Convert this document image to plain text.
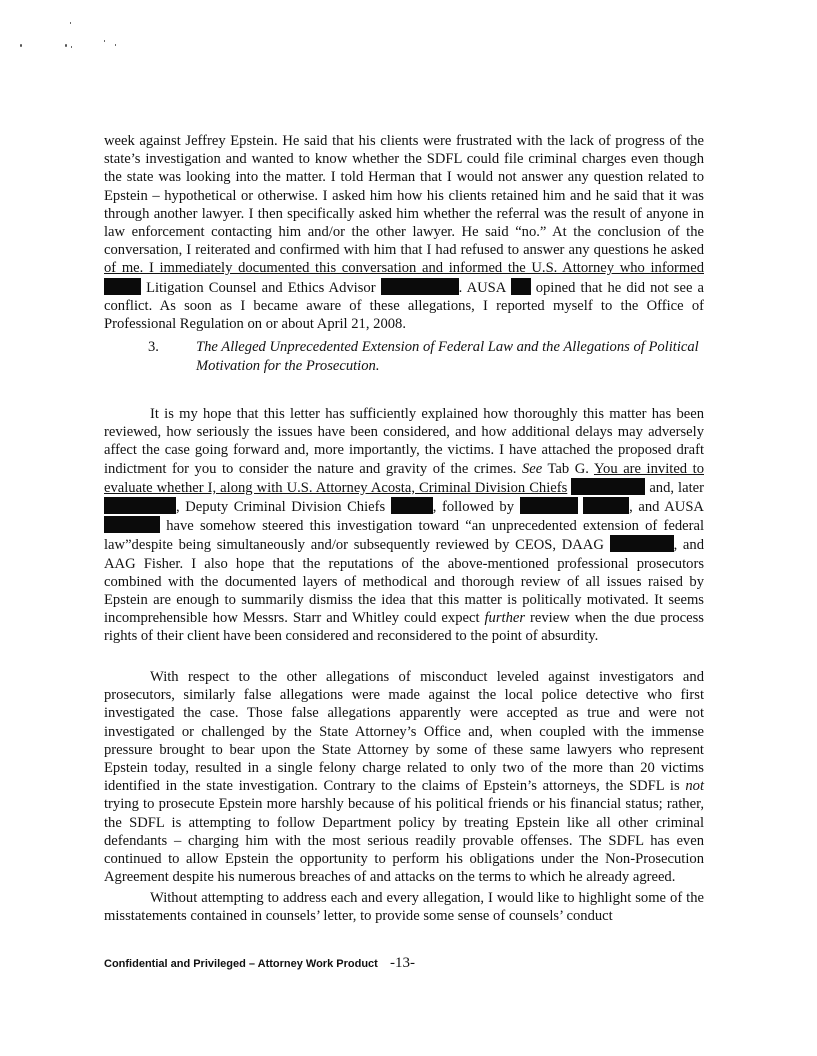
week against Jeffrey Epstein. He said that his clients were frustrated with the lack of progress of the state’s investigation and wanted to know whether the SDFL could file criminal charges even though the state was looking into the matter. I told Herman that I would not answer any question related to Epstein – hypothetical or otherwise. I asked him how his clients retained him and he said that it was through another lawyer. I then specifically asked him whether the referral was the result of anyone in law enforcement contacting him and/or the other lawyer. He said “no.” At the conclusion of the conversation, I reiterated and confirmed with him that I had refused to answer any questions he asked of me. I immediately documented this conversation and informed the U.S. Attorney who informed  Litigation Counsel and Ethics Advisor	. AUSA  opined that he did not see a conflict. As soon as I became aware of these allegations, I reported myself to the Office of Professional Regulation on or about April 21, 2008.

3.	The Alleged Unprecedented Extension of Federal Law and the Allegations of Political Motivation for the Prosecution.

It is my hope that this letter has sufficiently explained how thoroughly this matter has been reviewed, how seriously the issues have been considered, and how additional delays may adversely affect the case going forward and, more importantly, the victims. I have attached the proposed draft indictment for you to consider the nature and gravity of the crimes. See Tab G. You are invited to evaluate whether I, along with U.S. Attorney Acosta, Criminal Division Chiefs	and, later , Deputy Criminal Division Chiefs	, followed by	, and AUSA  have somehow steered this investigation toward “an unprecedented extension of federal law”despite being simultaneously and/or subsequently reviewed by CEOS, DAAG	, and AAG Fisher. I also hope that the reputations of the above-mentioned professional prosecutors combined with the documented layers of methodical and thorough review of all issues raised by Epstein are enough to summarily dismiss the idea that this matter is politically motivated. It seems incomprehensible how Messrs. Starr and Whitley could expect further review when the due process rights of their client have been considered and reconsidered to the point of absurdity.

With respect to the other allegations of misconduct leveled against investigators and prosecutors, similarly false allegations were made against the local police detective who first investigated the case. Those false allegations apparently were accepted as true and were not investigated or challenged by the State Attorney’s Office and, when coupled with the immense pressure brought to bear upon the State Attorney by some of these same lawyers who represent Epstein today, resulted in a single felony charge related to only two of the more than 20 victims identified in the state investigation. Contrary to the claims of Epstein’s attorneys, the SDFL is not trying to prosecute Epstein more harshly because of his political friends or his financial status; rather, the SDFL is attempting to follow Department policy by treating Epstein like all other criminal defendants – charging him with the most serious readily provable offenses. The SDFL has even continued to allow Epstein the opportunity to perform his obligations under the Non-Prosecution Agreement despite his numerous breaches of and attacks on the terms to which he already agreed.

Without attempting to address each and every allegation, I would like to highlight some of the misstatements contained in counsels’ letter, to provide some sense of counsels’ conduct

Confidential and Privileged – Attorney Work Product -13-
